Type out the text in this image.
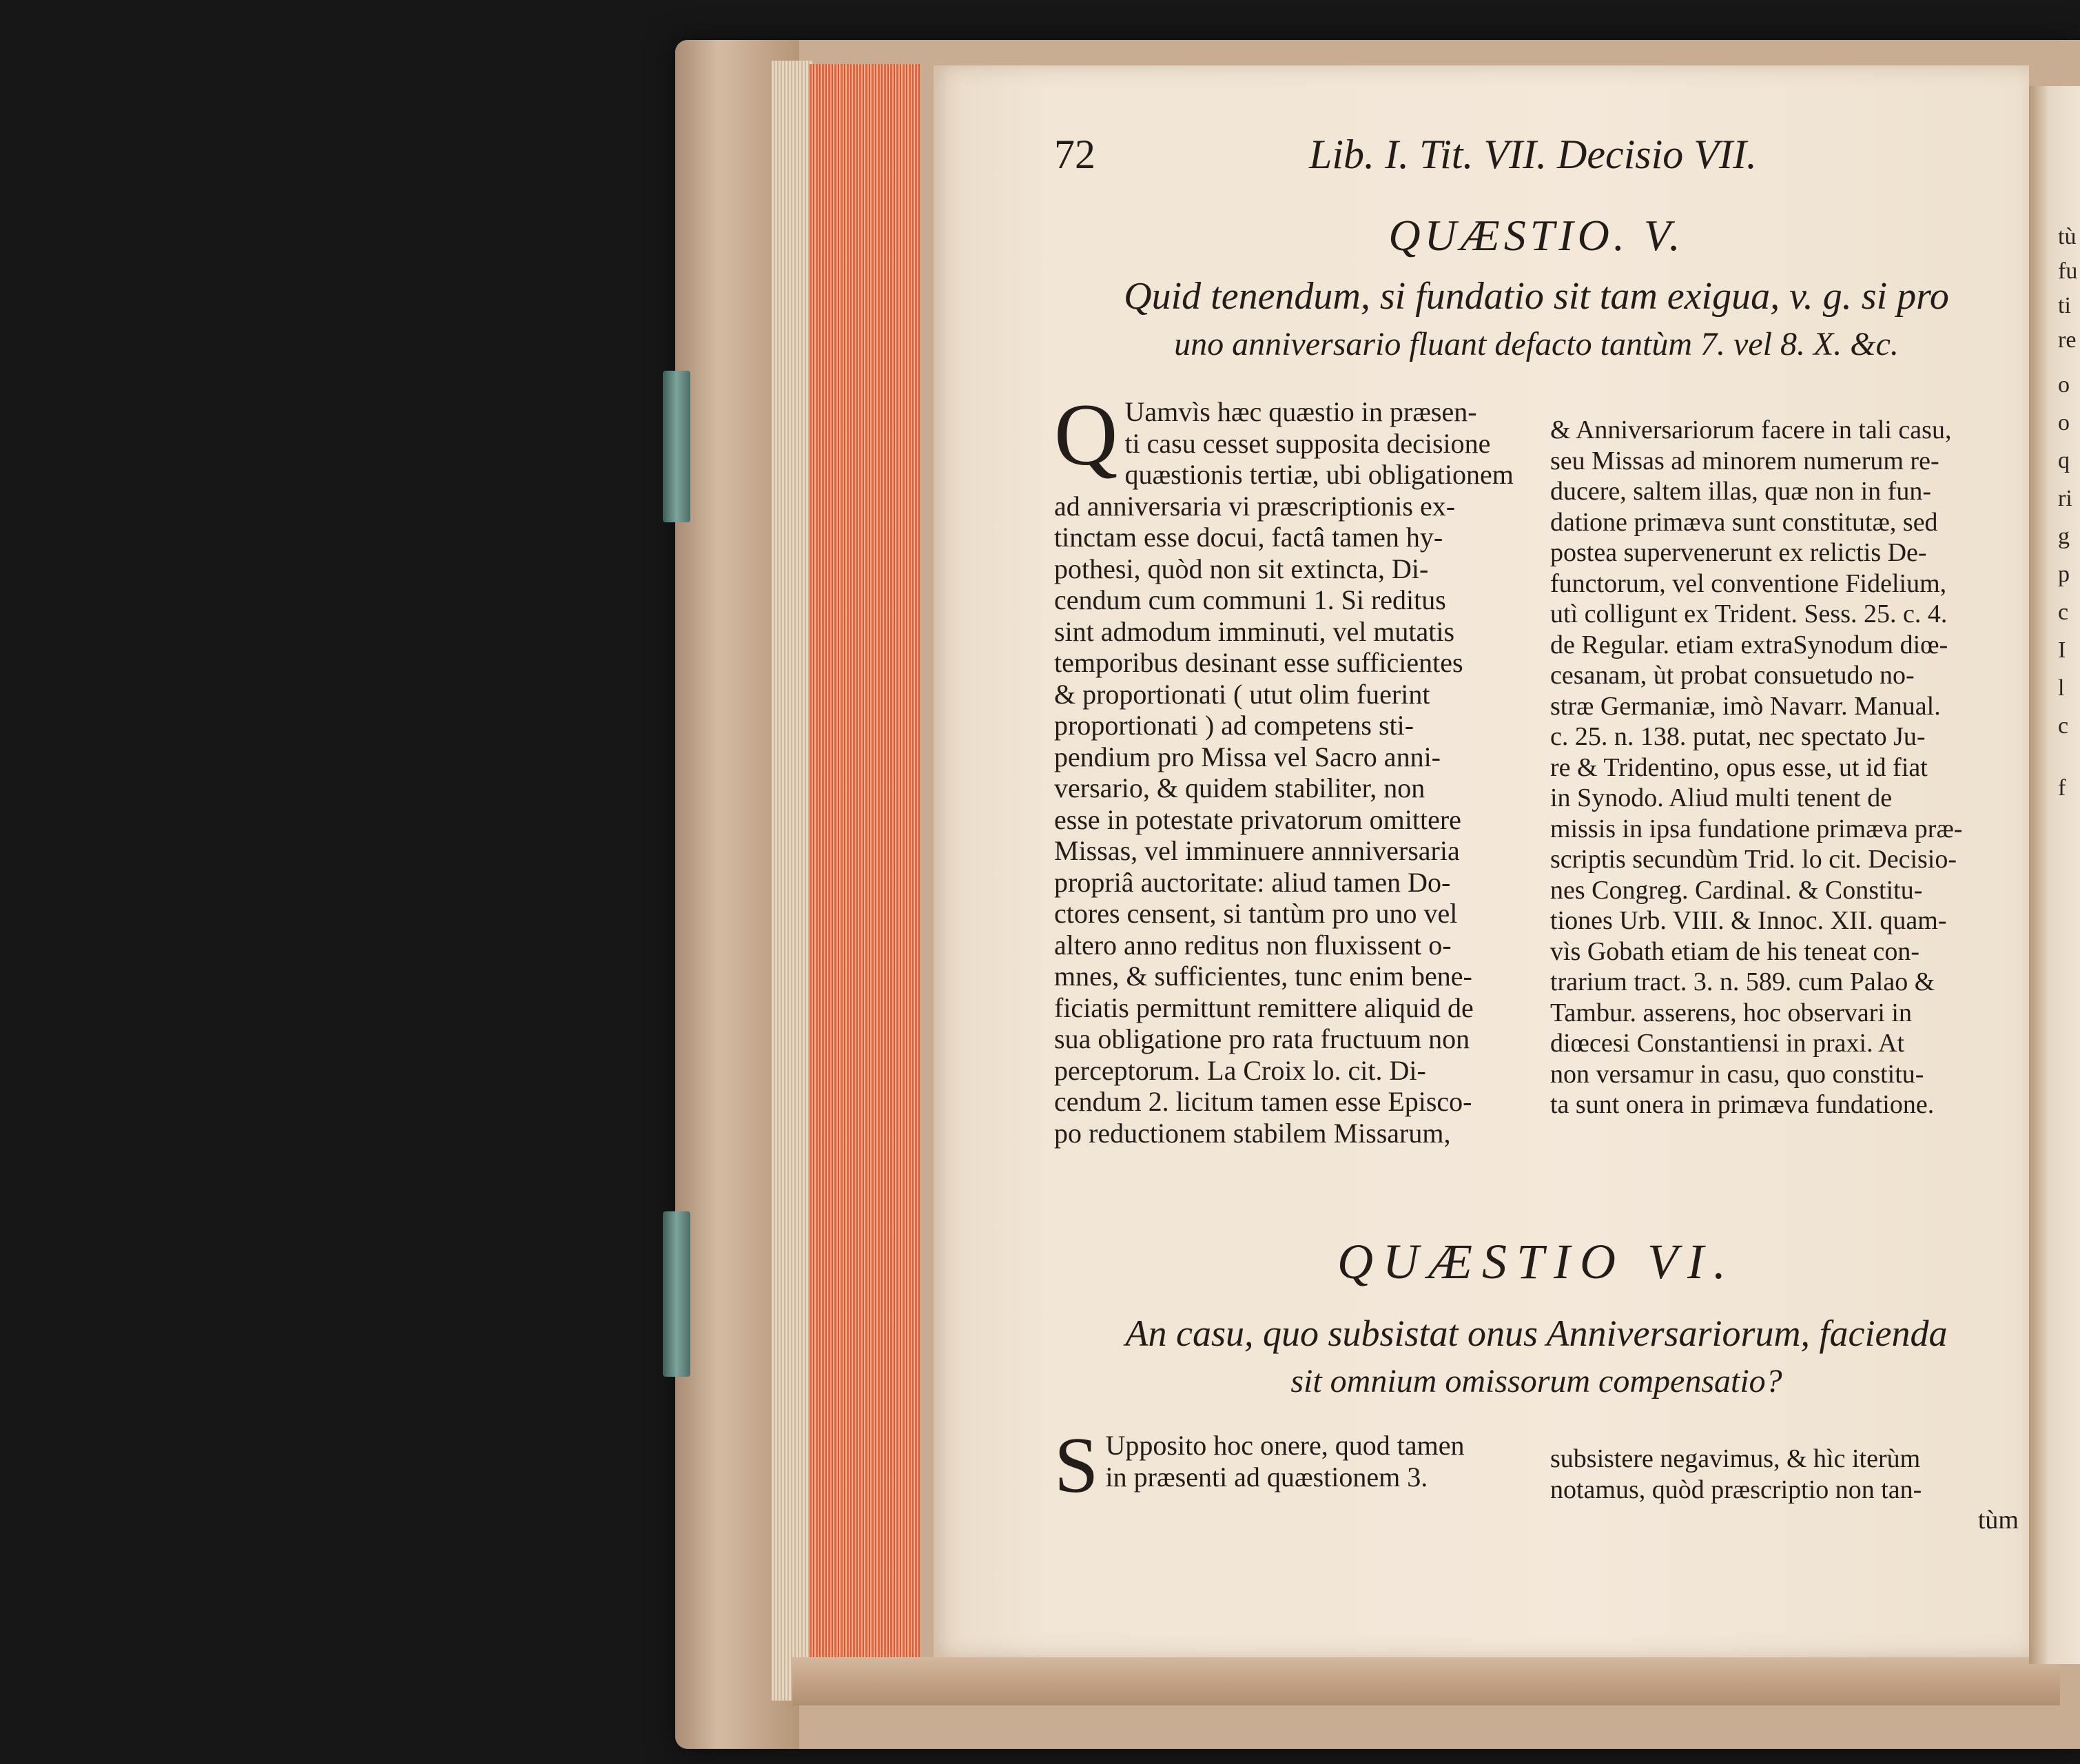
tù
fu
ti
re
o
o
q
ri
g
p
c
I
l
c
f
72	Lib. I. Tit. VII. Decisio VII.
QUÆSTIO. V.
Quid tenendum, si fundatio sit tam exigua, v. g. si pro
uno anniversario fluant defacto tantùm 7. vel 8. X. &c.
Q Uamvìs hæc quæstio in præsen-
ti casu cesset supposita decisione
quæstionis tertiæ, ubi obligationem
ad anniversaria vi præscriptionis ex-
tinctam esse docui, factâ tamen hy-
pothesi, quòd non sit extincta, Di-
cendum cum communi 1. Si reditus
sint admodum imminuti, vel mutatis
temporibus desinant esse sufficientes
& proportionati ( utut olim fuerint
proportionati ) ad competens sti-
pendium pro Missa vel Sacro anni-
versario, & quidem stabiliter, non
esse in potestate privatorum omittere
Missas, vel imminuere annniversaria
propriâ auctoritate: aliud tamen Do-
ctores censent, si tantùm pro uno vel
altero anno reditus non fluxissent o-
mnes, & sufficientes, tunc enim bene-
ficiatis permittunt remittere aliquid de
sua obligatione pro rata fructuum non
perceptorum. La Croix lo. cit. Di-
cendum 2. licitum tamen esse Episco-
po reductionem stabilem Missarum,
& Anniversariorum facere in tali casu,
seu Missas ad minorem numerum re-
ducere, saltem illas, quæ non in fun-
datione primæva sunt constitutæ, sed
postea supervenerunt ex relictis De-
functorum, vel conventione Fidelium,
utì colligunt ex Trident. Sess. 25. c. 4.
de Regular. etiam extraSynodum diœ-
cesanam, ùt probat consuetudo no-
stræ Germaniæ, imò Navarr. Manual.
c. 25. n. 138. putat, nec spectato Ju-
re & Tridentino, opus esse, ut id fiat
in Synodo. Aliud multi tenent de
missis in ipsa fundatione primæva præ-
scriptis secundùm Trid. lo cit. Decisio-
nes Congreg. Cardinal. & Constitu-
tiones Urb. VIII. & Innoc. XII. quam-
vìs Gobath etiam de his teneat con-
trarium tract. 3. n. 589. cum Palao &
Tambur. asserens, hoc observari in
diœcesi Constantiensi in praxi. At
non versamur in casu, quo constitu-
ta sunt onera in primæva fundatione.
QUÆSTIO VI.
An casu, quo subsistat onus Anniversariorum, facienda
sit omnium omissorum compensatio?
S Upposito hoc onere, quod tamen
in præsenti ad quæstionem 3.
subsistere negavimus, & hìc iterùm
notamus, quòd præscriptio non tan-
tùm
